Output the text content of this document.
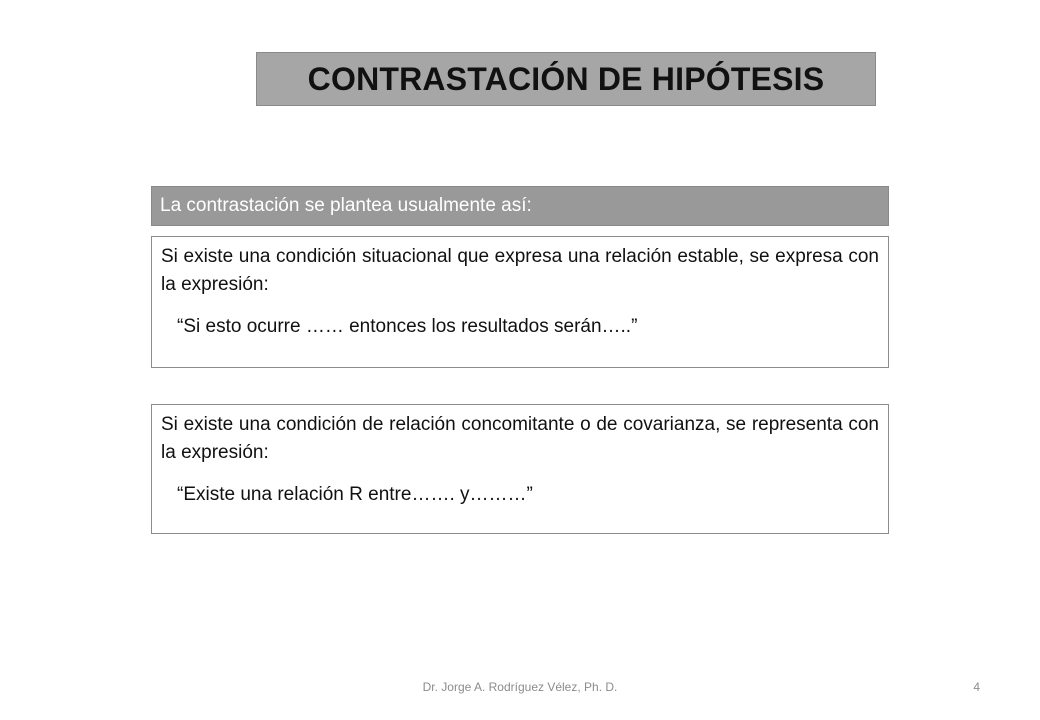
CONTRASTACIÓN DE HIPÓTESIS
La contrastación se plantea usualmente así:

Si existe una condición situacional que expresa una relación estable, se expresa con la expresión:

“Si esto ocurre …… entonces los resultados serán…..”

Si existe una condición de relación concomitante o de covarianza, se representa con la expresión:

“Existe una relación R entre……. y………”
Dr. Jorge A. Rodríguez Vélez, Ph. D.	4
